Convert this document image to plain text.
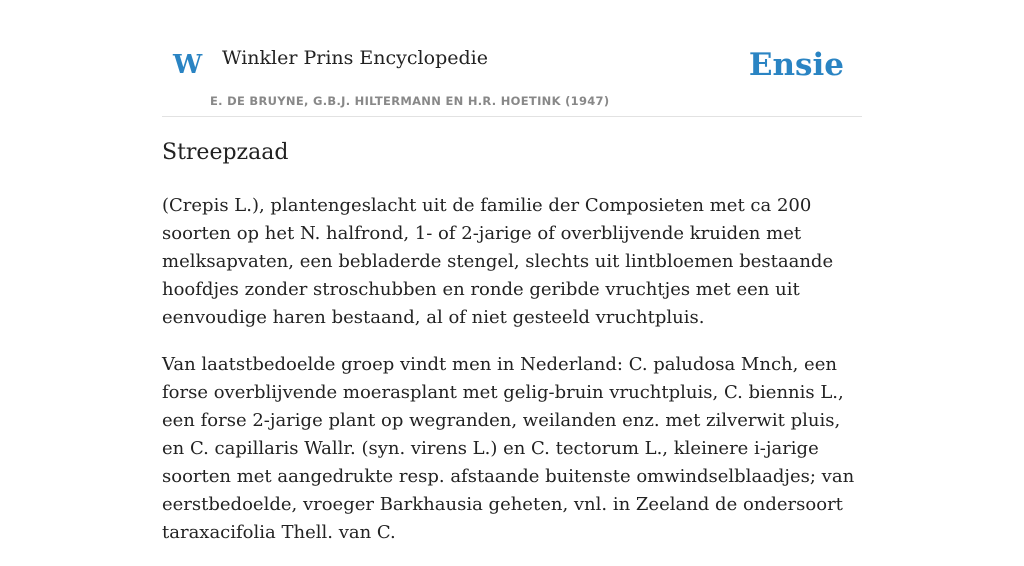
W Winkler Prins Encyclopedie
E. DE BRUYNE, G.B.J. HILTERMANN EN H.R. HOETINK (1947)
Ensie
Streepzaad

(Crepis L.), plantengeslacht uit de familie der Composieten met ca 200 soorten op het N. halfrond, 1- of 2-jarige of overblijvende kruiden met melksapvaten, een bebladerde stengel, slechts uit lintbloemen bestaande hoofdjes zonder stroschubben en ronde geribde vruchtjes met een uit eenvoudige haren bestaand, al of niet gesteeld vruchtpluis.

Van laatstbedoelde groep vindt men in Nederland: C. paludosa Mnch, een forse overblijvende moerasplant met gelig-bruin vruchtpluis, C. biennis L., een forse 2-jarige plant op wegranden, weilanden enz. met zilverwit pluis, en C. capillaris Wallr. (syn. virens L.) en C. tectorum L., kleinere i-jarige soorten met aangedrukte resp. afstaande buitenste omwindselblaadjes; van eerstbedoelde, vroeger Barkhausia geheten, vnl. in Zeeland de ondersoort taraxacifolia Thell. van C.
